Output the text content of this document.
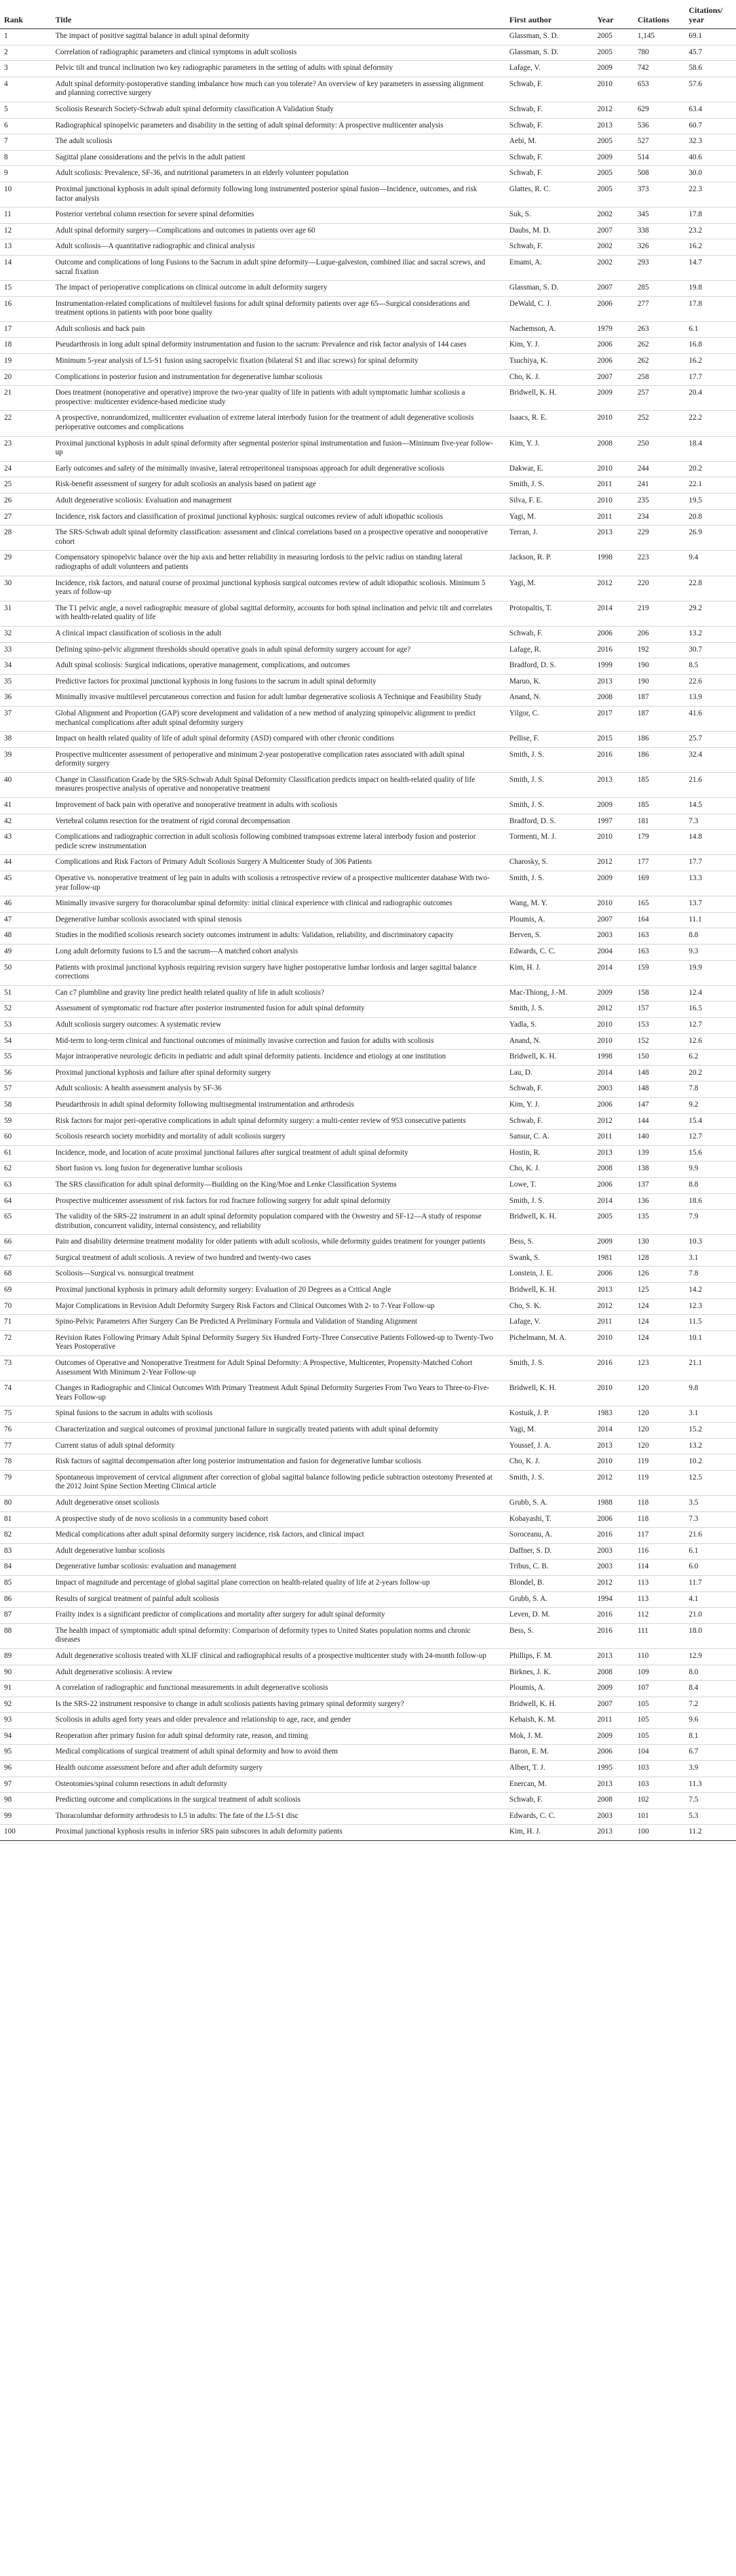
Rank	Title	First author	Year	Citations	Citations/ year
1	The impact of positive sagittal balance in adult spinal deformity	Glassman, S. D.	2005	1,145	69.1
2	Correlation of radiographic parameters and clinical symptoms in adult scoliosis	Glassman, S. D.	2005	780	45.7
3	Pelvic tilt and truncal inclination two key radiographic parameters in the setting of adults with spinal deformity	Lafage, V.	2009	742	58.6
4	Adult spinal deformity-postoperative standing imbalance how much can you tolerate? An overview of key parameters in assessing alignment and planning corrective surgery	Schwab, F.	2010	653	57.6
5	Scoliosis Research Society-Schwab adult spinal deformity classification A Validation Study	Schwab, F.	2012	629	63.4
6	Radiographical spinopelvic parameters and disability in the setting of adult spinal deformity: A prospective multicenter analysis	Schwab, F.	2013	536	60.7
7	The adult scoliosis	Aebi, M.	2005	527	32.3
8	Sagittal plane considerations and the pelvis in the adult patient	Schwab, F.	2009	514	40.6
9	Adult scoliosis: Prevalence, SF-36, and nutritional parameters in an elderly volunteer population	Schwab, F.	2005	508	30.0
10	Proximal junctional kyphosis in adult spinal deformity following long instrumented posterior spinal fusion—Incidence, outcomes, and risk factor analysis	Glattes, R. C.	2005	373	22.3
11	Posterior vertebral column resection for severe spinal deformities	Suk, S.	2002	345	17.8
12	Adult spinal deformity surgery—Complications and outcomes in patients over age 60	Daubs, M. D.	2007	338	23.2
13	Adult scoliosis—A quantitative radiographic and clinical analysis	Schwab, F.	2002	326	16.2
14	Outcome and complications of long Fusions to the Sacrum in adult spine deformity—Luque-galveston, combined iliac and sacral screws, and sacral fixation	Emami, A.	2002	293	14.7
15	The impact of perioperative complications on clinical outcome in adult deformity surgery	Glassman, S. D.	2007	285	19.8
16	Instrumentation-related complications of multilevel fusions for adult spinal deformity patients over age 65—Surgical considerations and treatment options in patients with poor bone quality	DeWald, C. J.	2006	277	17.8
17	Adult scoliosis and back pain	Nachemson, A.	1979	263	6.1
18	Pseudarthrosis in long adult spinal deformity instrumentation and fusion to the sacrum: Prevalence and risk factor analysis of 144 cases	Kim, Y. J.	2006	262	16.8
19	Minimum 5-year analysis of L5-S1 fusion using sacropelvic fixation (bilateral S1 and iliac screws) for spinal deformity	Tsuchiya, K.	2006	262	16.2
20	Complications in posterior fusion and instrumentation for degenerative lumbar scoliosis	Cho, K. J.	2007	258	17.7
21	Does treatment (nonoperative and operative) improve the two-year quality of life in patients with adult symptomatic lumbar scoliosis a prospective: multicenter evidence-based medicine study	Bridwell, K. H.	2009	257	20.4
22	A prospective, nonrandomized, multicenter evaluation of extreme lateral interbody fusion for the treatment of adult degenerative scoliosis perioperative outcomes and complications	Isaacs, R. E.	2010	252	22.2
23	Proximal junctional kyphosis in adult spinal deformity after segmental posterior spinal instrumentation and fusion—Minimum five-year follow-up	Kim, Y. J.	2008	250	18.4
24	Early outcomes and safety of the minimally invasive, lateral retroperitoneal transpsoas approach for adult degenerative scoliosis	Dakwar, E.	2010	244	20.2
25	Risk-benefit assessment of surgery for adult scoliosis an analysis based on patient age	Smith, J. S.	2011	241	22.1
26	Adult degenerative scoliosis: Evaluation and management	Silva, F. E.	2010	235	19.5
27	Incidence, risk factors and classification of proximal junctional kyphosis: surgical outcomes review of adult idiopathic scoliosis	Yagi, M.	2011	234	20.8
28	The SRS-Schwab adult spinal deformity classification: assessment and clinical correlations based on a prospective operative and nonoperative cohort	Terran, J.	2013	229	26.9
29	Compensatory spinopelvic balance over the hip axis and better reliability in measuring lordosis to the pelvic radius on standing lateral radiographs of adult volunteers and patients	Jackson, R. P.	1998	223	9.4
30	Incidence, risk factors, and natural course of proximal junctional kyphosis surgical outcomes review of adult idiopathic scoliosis. Minimum 5 years of follow-up	Yagi, M.	2012	220	22.8
31	The T1 pelvic angle, a novel radiographic measure of global sagittal deformity, accounts for both spinal inclination and pelvic tilt and correlates with health-related quality of life	Protopaltis, T.	2014	219	29.2
32	A clinical impact classification of scoliosis in the adult	Schwab, F.	2006	206	13.2
33	Defining spino-pelvic alignment thresholds should operative goals in adult spinal deformity surgery account for age?	Lafage, R.	2016	192	30.7
34	Adult spinal scoliosis: Surgical indications, operative management, complications, and outcomes	Bradford, D. S.	1999	190	8.5
35	Predictive factors for proximal junctional kyphosis in long fusions to the sacrum in adult spinal deformity	Maruo, K.	2013	190	22.6
36	Minimally invasive multilevel percutaneous correction and fusion for adult lumbar degenerative scoliosis A Technique and Feasibility Study	Anand, N.	2008	187	13.9
37	Global Alignment and Proportion (GAP) score development and validation of a new method of analyzing spinopelvic alignment to predict mechanical complications after adult spinal deformity surgery	Yilgor, C.	2017	187	41.6
38	Impact on health related quality of life of adult spinal deformity (ASD) compared with other chronic conditions	Pellise, F.	2015	186	25.7
39	Prospective multicenter assessment of perioperative and minimum 2-year postoperative complication rates associated with adult spinal deformity surgery	Smith, J. S.	2016	186	32.4
40	Change in Classification Grade by the SRS-Schwab Adult Spinal Deformity Classification predicts impact on health-related quality of life measures prospective analysis of operative and nonoperative treatment	Smith, J. S.	2013	185	21.6
41	Improvement of back pain with operative and nonoperative treatment in adults with scoliosis	Smith, J. S.	2009	185	14.5
42	Vertebral column resection for the treatment of rigid coronal decompensation	Bradford, D. S.	1997	181	7.3
43	Complications and radiographic correction in adult scoliosis following combined transpsoas extreme lateral interbody fusion and posterior pedicle screw instrumentation	Tormenti, M. J.	2010	179	14.8
44	Complications and Risk Factors of Primary Adult Scoliosis Surgery A Multicenter Study of 306 Patients	Charosky, S.	2012	177	17.7
45	Operative vs. nonoperative treatment of leg pain in adults with scoliosis a retrospective review of a prospective multicenter database With two-year follow-up	Smith, J. S.	2009	169	13.3
46	Minimally invasive surgery for thoracolumbar spinal deformity: initial clinical experience with clinical and radiographic outcomes	Wang, M. Y.	2010	165	13.7
47	Degenerative lumbar scoliosis associated with spinal stenosis	Ploumis, A.	2007	164	11.1
48	Studies in the modified scoliosis research society outcomes instrument in adults: Validation, reliability, and discriminatory capacity	Berven, S.	2003	163	8.8
49	Long adult deformity fusions to L5 and the sacrum—A matched cohort analysis	Edwards, C. C.	2004	163	9.3
50	Patients with proximal junctional kyphosis requiring revision surgery have higher postoperative lumbar lordosis and larger sagittal balance corrections	Kim, H. J.	2014	159	19.9
51	Can c7 plumbline and gravity line predict health related quality of life in adult scoliosis?	Mac-Thiong, J.-M.	2009	158	12.4
52	Assessment of symptomatic rod fracture after posterior instrumented fusion for adult spinal deformity	Smith, J. S.	2012	157	16.5
53	Adult scoliosis surgery outcomes: A systematic review	Yadla, S.	2010	153	12.7
54	Mid-term to long-term clinical and functional outcomes of minimally invasive correction and fusion for adults with scoliosis	Anand, N.	2010	152	12.6
55	Major intraoperative neurologic deficits in pediatric and adult spinal deformity patients. Incidence and etiology at one institution	Bridwell, K. H.	1998	150	6.2
56	Proximal junctional kyphosis and failure after spinal deformity surgery	Lau, D.	2014	148	20.2
57	Adult scoliosis: A health assessment analysis by SF-36	Schwab, F.	2003	148	7.8
58	Pseudarthrosis in adult spinal deformity following multisegmental instrumentation and arthrodesis	Kim, Y. J.	2006	147	9.2
59	Risk factors for major peri-operative complications in adult spinal deformity surgery: a multi-center review of 953 consecutive patients	Schwab, F.	2012	144	15.4
60	Scoliosis research society morbidity and mortality of adult scoliosis surgery	Sansur, C. A.	2011	140	12.7
61	Incidence, mode, and location of acute proximal junctional failures after surgical treatment of adult spinal deformity	Hostin, R.	2013	139	15.6
62	Short fusion vs. long fusion for degenerative lumbar scoliosis	Cho, K. J.	2008	138	9.9
63	The SRS classification for adult spinal deformity—Building on the King/Moe and Lenke Classification Systems	Lowe, T.	2006	137	8.8
64	Prospective multicenter assessment of risk factors for rod fracture following surgery for adult spinal deformity	Smith, J. S.	2014	136	18.6
65	The validity of the SRS-22 instrument in an adult spinal deformity population compared with the Oswestry and SF-12—A study of response distribution, concurrent validity, internal consistency, and reliability	Bridwell, K. H.	2005	135	7.9
66	Pain and disability determine treatment modality for older patients with adult scoliosis, while deformity guides treatment for younger patients	Bess, S.	2009	130	10.3
67	Surgical treatment of adult scoliosis. A review of two hundred and twenty-two cases	Swank, S.	1981	128	3.1
68	Scoliosis—Surgical vs. nonsurgical treatment	Lonstein, J. E.	2006	126	7.8
69	Proximal junctional kyphosis in primary adult deformity surgery: Evaluation of 20 Degrees as a Critical Angle	Bridwell, K. H.	2013	125	14.2
70	Major Complications in Revision Adult Deformity Surgery Risk Factors and Clinical Outcomes With 2- to 7-Year Follow-up	Cho, S. K.	2012	124	12.3
71	Spino-Pelvic Parameters After Surgery Can Be Predicted A Preliminary Formula and Validation of Standing Alignment	Lafage, V.	2011	124	11.5
72	Revision Rates Following Primary Adult Spinal Deformity Surgery Six Hundred Forty-Three Consecutive Patients Followed-up to Twenty-Two Years Postoperative	Pichelmann, M. A.	2010	124	10.1
73	Outcomes of Operative and Nonoperative Treatment for Adult Spinal Deformity: A Prospective, Multicenter, Propensity-Matched Cohort Assessment With Minimum 2-Year Follow-up	Smith, J. S.	2016	123	21.1
74	Changes in Radiographic and Clinical Outcomes With Primary Treatment Adult Spinal Deformity Surgeries From Two Years to Three-to-Five-Years Follow-up	Bridwell, K. H.	2010	120	9.8
75	Spinal fusions to the sacrum in adults with scoliosis	Kostuik, J. P.	1983	120	3.1
76	Characterization and surgical outcomes of proximal junctional failure in surgically treated patients with adult spinal deformity	Yagi, M.	2014	120	15.2
77	Current status of adult spinal deformity	Youssef, J. A.	2013	120	13.2
78	Risk factors of sagittal decompensation after long posterior instrumentation and fusion for degenerative lumbar scoliosis	Cho, K. J.	2010	119	10.2
79	Spontaneous improvement of cervical alignment after correction of global sagittal balance following pedicle subtraction osteotomy Presented at the 2012 Joint Spine Section Meeting Clinical article	Smith, J. S.	2012	119	12.5
80	Adult degenerative onset scoliosis	Grubb, S. A.	1988	118	3.5
81	A prospective study of de novo scoliosis in a community based cohort	Kobayashi, T.	2006	118	7.3
82	Medical complications after adult spinal deformity surgery incidence, risk factors, and clinical impact	Soroceanu, A.	2016	117	21.6
83	Adult degenerative lumbar scoliosis	Daffner, S. D.	2003	116	6.1
84	Degenerative lumbar scoliosis: evaluation and management	Tribus, C. B.	2003	114	6.0
85	Impact of magnitude and percentage of global sagittal plane correction on health-related quality of life at 2-years follow-up	Blondel, B.	2012	113	11.7
86	Results of surgical treatment of painful adult scoliosis	Grubb, S. A.	1994	113	4.1
87	Frailty index is a significant predictor of complications and mortality after surgery for adult spinal deformity	Leven, D. M.	2016	112	21.0
88	The health impact of symptomatic adult spinal deformity: Comparison of deformity types to United States population norms and chronic diseases	Bess, S.	2016	111	18.0
89	Adult degenerative scoliosis treated with XLIF clinical and radiographical results of a prospective multicenter study with 24-month follow-up	Phillips, F. M.	2013	110	12.9
90	Adult degenerative scoliosis: A review	Birknes, J. K.	2008	109	8.0
91	A correlation of radiographic and functional measurements in adult degenerative scoliosis	Ploumis, A.	2009	107	8.4
92	Is the SRS-22 instrument responsive to change in adult scoliosis patients having primary spinal deformity surgery?	Bridwell, K. H.	2007	105	7.2
93	Scoliosis in adults aged forty years and older prevalence and relationship to age, race, and gender	Kebaish, K. M.	2011	105	9.6
94	Reoperation after primary fusion for adult spinal deformity rate, reason, and timing	Mok, J. M.	2009	105	8.1
95	Medical complications of surgical treatment of adult spinal deformity and how to avoid them	Baron, E. M.	2006	104	6.7
96	Health outcome assessment before and after adult deformity surgery	Albert, T. J.	1995	103	3.9
97	Osteotomies/spinal column resections in adult deformity	Enercan, M.	2013	103	11.3
98	Predicting outcome and complications in the surgical treatment of adult scoliosis	Schwab, F.	2008	102	7.5
99	Thoracolumbar deformity arthrodesis to L5 in adults: The fate of the L5-S1 disc	Edwards, C. C.	2003	101	5.3
100	Proximal junctional kyphosis results in inferior SRS pain subscores in adult deformity patients	Kim, H. J.	2013	100	11.2
